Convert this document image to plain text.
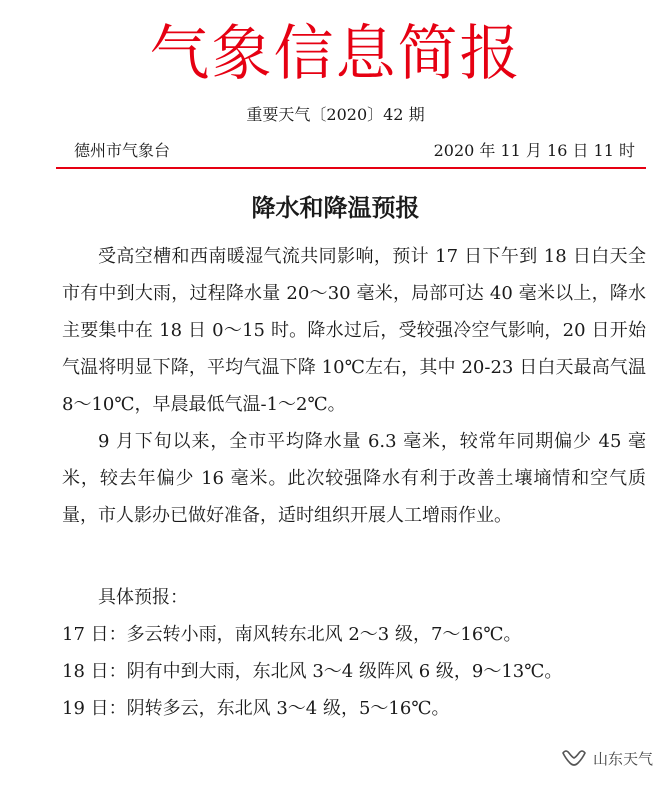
气象信息简报
重要天气〔2020〕42 期
德州市气象台	2020 年 11 月 16 日 11 时
降水和降温预报

受高空槽和西南暖湿气流共同影响，预计 17 日下午到 18 日白天全市有中到大雨，过程降水量 20～30 毫米，局部可达 40 毫米以上，降水主要集中在 18 日 0～15 时。降水过后，受较强冷空气影响，20 日开始气温将明显下降，平均气温下降 10℃左右，其中 20-23 日白天最高气温 8～10℃，早晨最低气温-1～2℃。

9 月下旬以来，全市平均降水量 6.3 毫米，较常年同期偏少 45 毫米，较去年偏少 16 毫米。此次较强降水有利于改善土壤墒情和空气质量，市人影办已做好准备，适时组织开展人工增雨作业。

具体预报：
17 日：多云转小雨，南风转东北风 2～3 级，7～16℃。
18 日：阴有中到大雨，东北风 3～4 级阵风 6 级，9～13℃。
19 日：阴转多云，东北风 3～4 级，5～16℃。
山东天气
